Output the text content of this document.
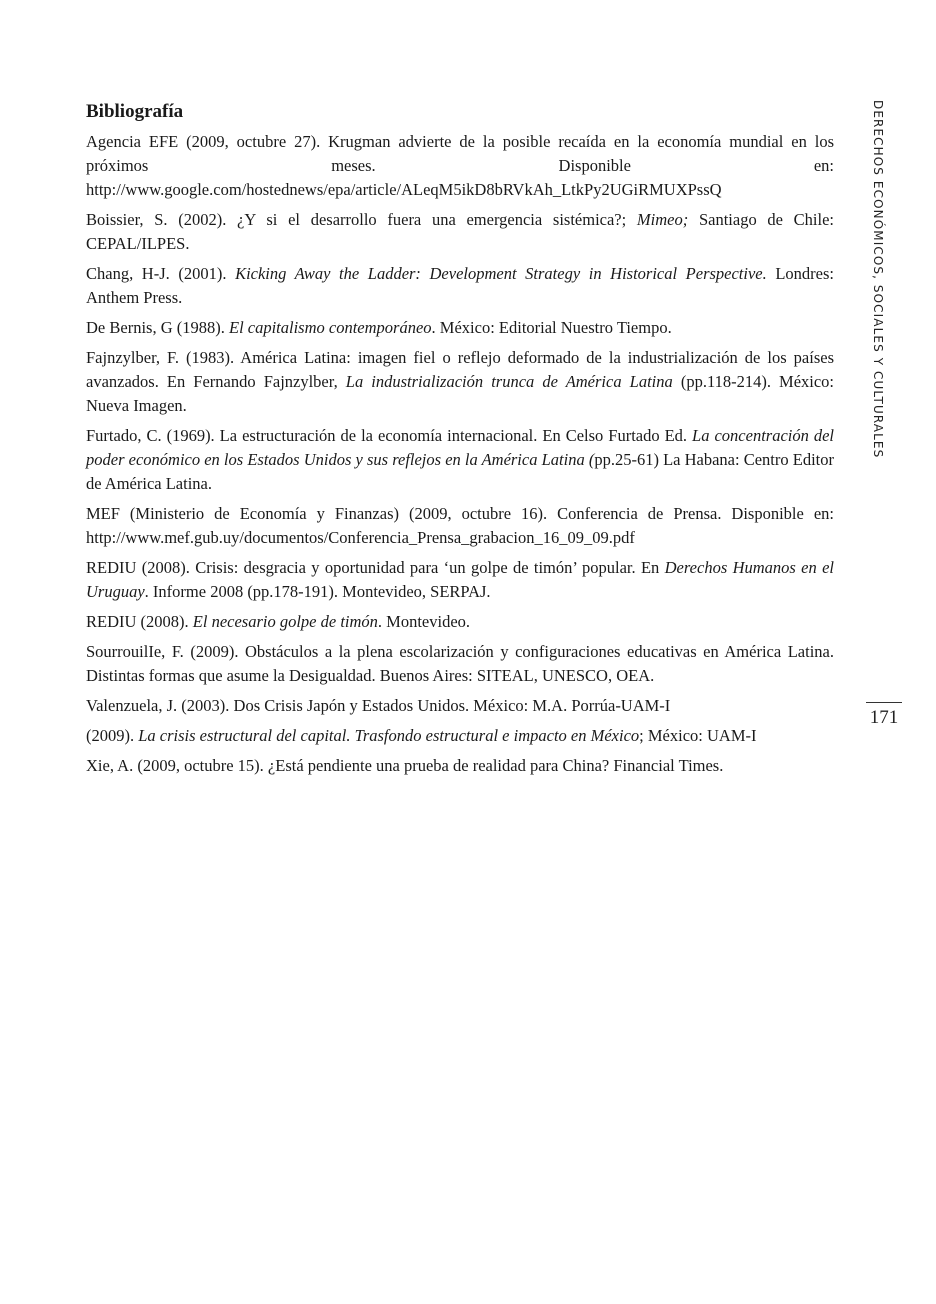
Bibliografía

Agencia EFE (2009, octubre 27). Krugman advierte de la posible recaída en la economía mundial en los próximos meses. Disponible en: http://www.google.com/hostednews/epa/article/ALeqM5ikD8bRVkAh_LtkPy2UGiRMUXPssQ

Boissier, S. (2002). ¿Y si el desarrollo fuera una emergencia sistémica?; Mimeo; Santiago de Chile: CEPAL/ILPES.

Chang, H-J. (2001). Kicking Away the Ladder: Development Strategy in Historical Perspective. Londres: Anthem Press.

De Bernis, G (1988). El capitalismo contemporáneo. México: Editorial Nuestro Tiempo.

Fajnzylber, F. (1983). América Latina: imagen fiel o reflejo deformado de la industrialización de los países avanzados. En Fernando Fajnzylber, La industrialización trunca de América Latina (pp.118-214). México: Nueva Imagen.

Furtado, C. (1969). La estructuración de la economía internacional. En Celso Furtado Ed. La concentración del poder económico en los Estados Unidos y sus reflejos en la América Latina (pp.25-61) La Habana: Centro Editor de América Latina.

MEF (Ministerio de Economía y Finanzas) (2009, octubre 16). Conferencia de Prensa. Disponible en: http://www.mef.gub.uy/documentos/Conferencia_Prensa_grabacion_16_09_09.pdf

REDIU (2008). Crisis: desgracia y oportunidad para ‘un golpe de timón’ popular. En Derechos Humanos en el Uruguay. Informe 2008 (pp.178-191). Montevideo, SERPAJ.

REDIU (2008). El necesario golpe de timón. Montevideo.

SourrouilIe, F. (2009). Obstáculos a la plena escolarización y configuraciones educativas en América Latina. Distintas formas que asume la Desigualdad. Buenos Aires: SITEAL, UNESCO, OEA.

Valenzuela, J. (2003). Dos Crisis Japón y Estados Unidos. México: M.A. Porrúa-UAM-I

(2009). La crisis estructural del capital. Trasfondo estructural e impacto en México; México: UAM-I

Xie, A. (2009, octubre 15). ¿Está pendiente una prueba de realidad para China? Financial Times.

DERECHOS ECONÓMICOS, SOCIALES Y CULTURALES
171
